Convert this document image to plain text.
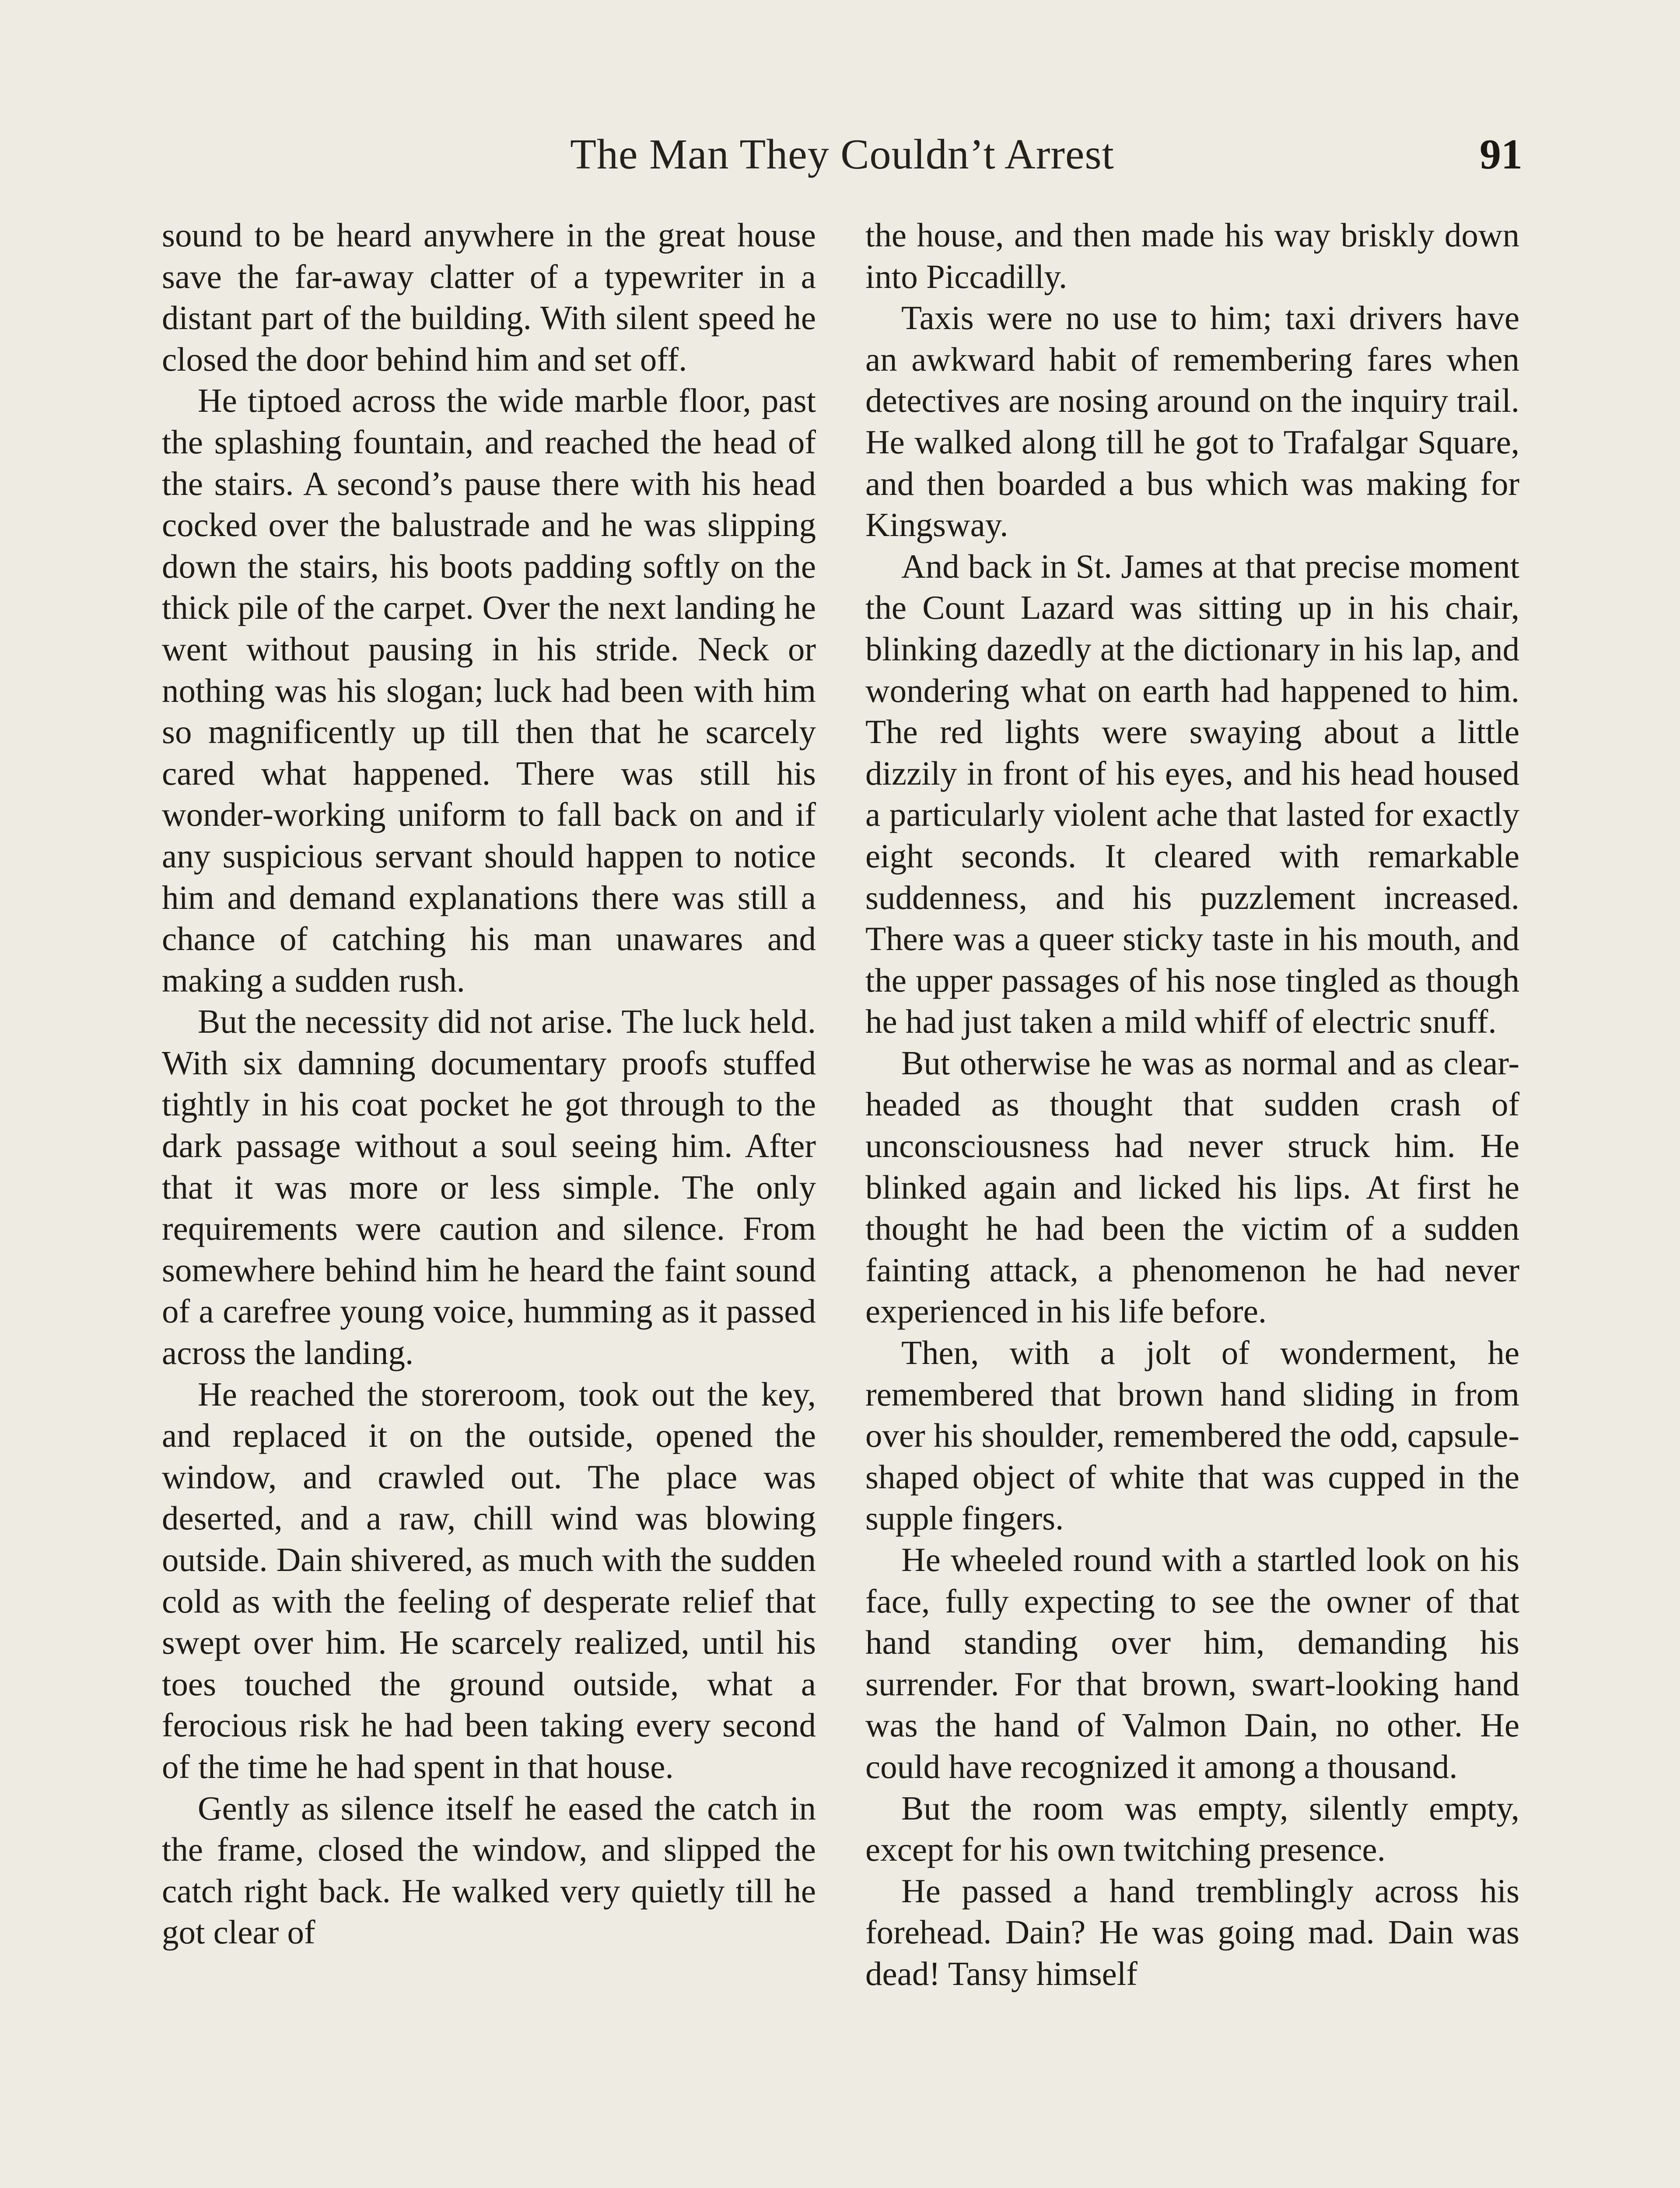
The Man They Couldn’t Arrest	91

sound to be heard anywhere in the great house save the far-away clatter of a typewriter in a distant part of the building. With silent speed he closed the door behind him and set off.

He tiptoed across the wide marble floor, past the splashing fountain, and reached the head of the stairs. A second’s pause there with his head cocked over the balustrade and he was slipping down the stairs, his boots padding softly on the thick pile of the carpet. Over the next landing he went without pausing in his stride. Neck or nothing was his slogan; luck had been with him so magnificently up till then that he scarcely cared what happened. There was still his wonder-working uniform to fall back on and if any suspicious servant should happen to notice him and demand explanations there was still a chance of catching his man unawares and making a sudden rush.

But the necessity did not arise. The luck held. With six damning documentary proofs stuffed tightly in his coat pocket he got through to the dark passage without a soul seeing him. After that it was more or less simple. The only requirements were caution and silence. From somewhere behind him he heard the faint sound of a carefree young voice, humming as it passed across the landing.

He reached the storeroom, took out the key, and replaced it on the outside, opened the window, and crawled out. The place was deserted, and a raw, chill wind was blowing outside. Dain shivered, as much with the sudden cold as with the feeling of desperate relief that swept over him. He scarcely realized, until his toes touched the ground outside, what a ferocious risk he had been taking every second of the time he had spent in that house.

Gently as silence itself he eased the catch in the frame, closed the window, and slipped the catch right back. He walked very quietly till he got clear of

the house, and then made his way briskly down into Piccadilly.

Taxis were no use to him; taxi drivers have an awkward habit of remembering fares when detectives are nosing around on the inquiry trail. He walked along till he got to Trafalgar Square, and then boarded a bus which was making for Kingsway.

And back in St. James at that precise moment the Count Lazard was sitting up in his chair, blinking dazedly at the dictionary in his lap, and wondering what on earth had happened to him. The red lights were swaying about a little dizzily in front of his eyes, and his head housed a particularly violent ache that lasted for exactly eight seconds. It cleared with remarkable suddenness, and his puzzlement increased. There was a queer sticky taste in his mouth, and the upper passages of his nose tingled as though he had just taken a mild whiff of electric snuff.

But otherwise he was as normal and as clear-headed as thought that sudden crash of unconsciousness had never struck him. He blinked again and licked his lips. At first he thought he had been the victim of a sudden fainting attack, a phenomenon he had never experienced in his life before.

Then, with a jolt of wonderment, he remembered that brown hand sliding in from over his shoulder, remembered the odd, capsule-shaped object of white that was cupped in the supple fingers.

He wheeled round with a startled look on his face, fully expecting to see the owner of that hand standing over him, demanding his surrender. For that brown, swart-looking hand was the hand of Valmon Dain, no other. He could have recognized it among a thousand.

But the room was empty, silently empty, except for his own twitching presence.

He passed a hand tremblingly across his forehead. Dain? He was going mad. Dain was dead! Tansy himself
